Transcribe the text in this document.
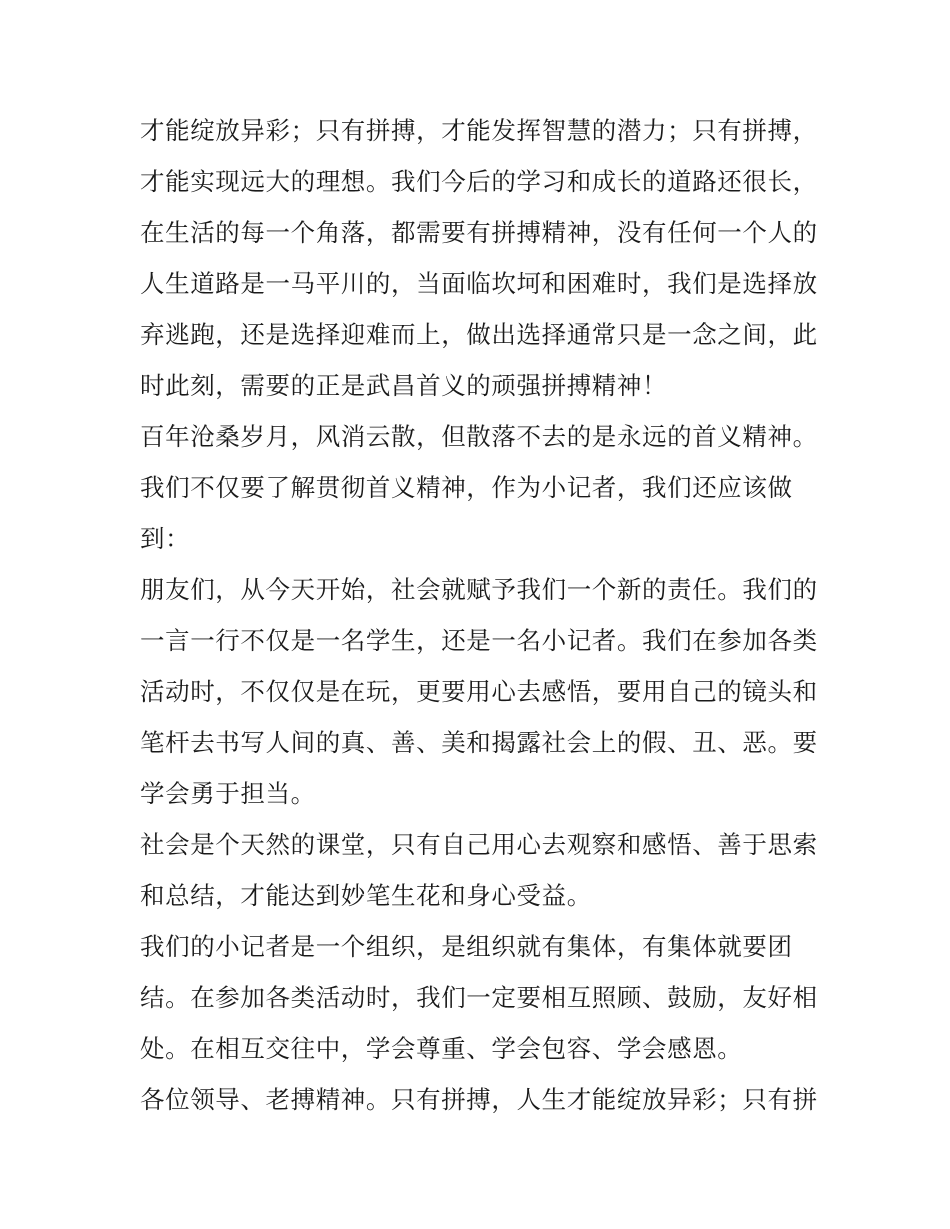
才能绽放异彩；只有拼搏，才能发挥智慧的潜力；只有拼搏，
才能实现远大的理想。我们今后的学习和成长的道路还很长，
在生活的每一个角落，都需要有拼搏精神，没有任何一个人的
人生道路是一马平川的，当面临坎坷和困难时，我们是选择放
弃逃跑，还是选择迎难而上，做出选择通常只是一念之间，此
时此刻，需要的正是武昌首义的顽强拼搏精神！
百年沧桑岁月，风消云散，但散落不去的是永远的首义精神。
我们不仅要了解贯彻首义精神，作为小记者，我们还应该做
到：
朋友们，从今天开始，社会就赋予我们一个新的责任。我们的
一言一行不仅是一名学生，还是一名小记者。我们在参加各类
活动时，不仅仅是在玩，更要用心去感悟，要用自己的镜头和
笔杆去书写人间的真、善、美和揭露社会上的假、丑、恶。要
学会勇于担当。
社会是个天然的课堂，只有自己用心去观察和感悟、善于思索
和总结，才能达到妙笔生花和身心受益。
我们的小记者是一个组织，是组织就有集体，有集体就要团
结。在参加各类活动时，我们一定要相互照顾、鼓励，友好相
处。在相互交往中，学会尊重、学会包容、学会感恩。
各位领导、老搏精神。只有拼搏，人生才能绽放异彩；只有拼
